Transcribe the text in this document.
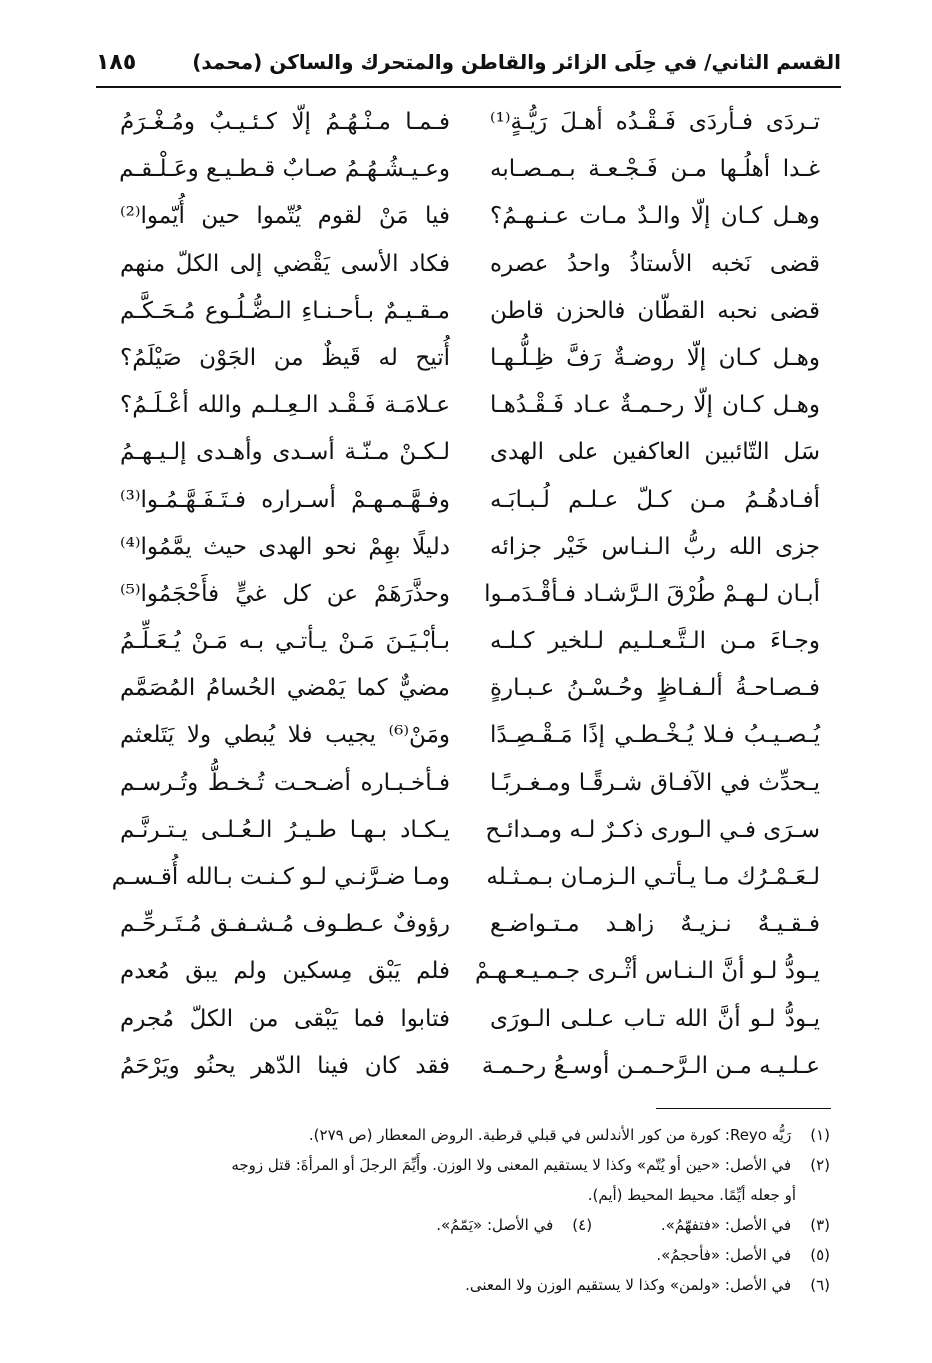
القسم الثاني/ في حِلَى الزائر والقاطن والمتحرك والساكن (محمد)
١٨٥
تـردَى فـأردَى فَـقْـدُه أهـلَ رَيُّـةٍ⁽¹⁾
فـمـا مـنْـهُـمُ إلّا كـئـيـبٌ ومُـغْـرَمُ
غـدا أهلُـها مـن فَـجْـعـة بـمـصـابه
وعـيـشُـهُـمُ صـابٌ قـطـيـع وعَـلْـقـم
وهـل كـان إلّا والـدٌ مـات عـنـهـمُ؟
فيا مَنْ لقوم يُتّموا حين أُيّموا⁽²⁾
قضى نَخبه الأستاذُ واحدُ عصره
فكاد الأسى يَقْضي إلى الكلّ منهم
قضى نحبه القطّان فالحزن قاطن
مـقـيـمٌ بـأحـنـاءِ الـضُّـلُـوع مُـحَـكَّـم
وهـل كـان إلّا روضـةٌ رَفَّ ظِـلُّـهـا
أُتيح له قَيظٌ من الجَوْن صَيْلَمُ؟
وهـل كـان إلّا رحـمـةٌ عـاد فَـقْـدُهـا
عـلامَـة فَـقْـد الـعِـلـم والله أعْـلَـمُ؟
سَل التّائبين العاكفين على الهدى
لـكـنْ مـنّـة أسـدى وأهـدى إلـيـهـمُ
أفـادهُـمُ مـن كـلّ عـلـم لُـبـابَـه
وفـهَّـمـهـمْ أسـراره فـتَـفَـهَّـمُـوا⁽³⁾
جزى الله ربُّ الـنـاس خَيْر جزائه
دليلًا بهِمْ نحو الهدى حيث يمَّمُوا⁽⁴⁾
أبـان لـهـمْ طُرْقَ الـرَّشـاد فـأقْـدَمـوا
وحذَّرَهَمْ عن كل غيٍّ فأَحْجَمُوا⁽⁵⁾
وجـاءَ مـن الـتَّـعـلـيم لـلخير كـلـه
بـأبْـيَـنَ مَـنْ يـأتـي بـه مَـنْ يُـعَـلِّـمُ
فـصـاحـةُ ألـفـاظٍ وحُـسْـنُ عـبـارةٍ
مضيٌّ كما يَمْضي الحُسامُ المُصَمَّم
يُـصـيـبُ فـلا يُـخْـطـي إذًا مَـقْـصِـدًا
ومَنْ⁽⁶⁾ يجيب فلا يُبطي ولا يَتَلعثم
يـحدِّث في الآفـاق شـرقًـا ومـغـربًـا
فـأخـبـاره أضـحـت تُـخـطُّ وتُـرسـم
سـرَى فـي الـورى ذكـرٌ لـه ومـدائـح
يـكـاد بـهـا طـيـرُ الـعُـلـى يـتـرنَّـم
لـعَـمْـرُك مـا يـأتـي الـزمـان بـمـثـله
ومـا ضـرَّنـي لـو كـنـت بـالله أُقـسـم
فـقـيـهٌ نـزيـهٌ زاهـد مـتـواضـع
رؤوفٌ عـطـوف مُـشـفـق مُـتَـرحِّـم
يـودُّ لـو أنَّ الـنـاس أثْـرى جـمـيـعـهـمْ
فلم يَبْق مِسكين ولم يبق مُعدم
يـودُّ لـو أنَّ الله تـاب عـلـى الـورَى
فتابوا فما يَبْقى من الكلّ مُجرم
عـلـيـه مـن الـرَّحـمـن أوسـعُ رحـمـة
فقد كان فينا الدّهر يحنُو ويَرْحَمُ
(١) رَيُّه Reyo: كورة من كور الأندلس في قبلي قرطبة. الروض المعطار (ص ٢٧٩).
(٢) في الأصل: «حين أو يُتّم» وكذا لا يستقيم المعنى ولا الوزن. وأَيِّمَ الرجلَ أو المرأةَ: قتل زوجه
أو جعله أيِّمًا. محيط المحيط (أيم).
(٣) في الأصل: «فتفهّمُ». (٤) في الأصل: «يَمّمُ».
(٥) في الأصل: «فأحجمُ».
(٦) في الأصل: «ولمن» وكذا لا يستقيم الوزن ولا المعنى.
